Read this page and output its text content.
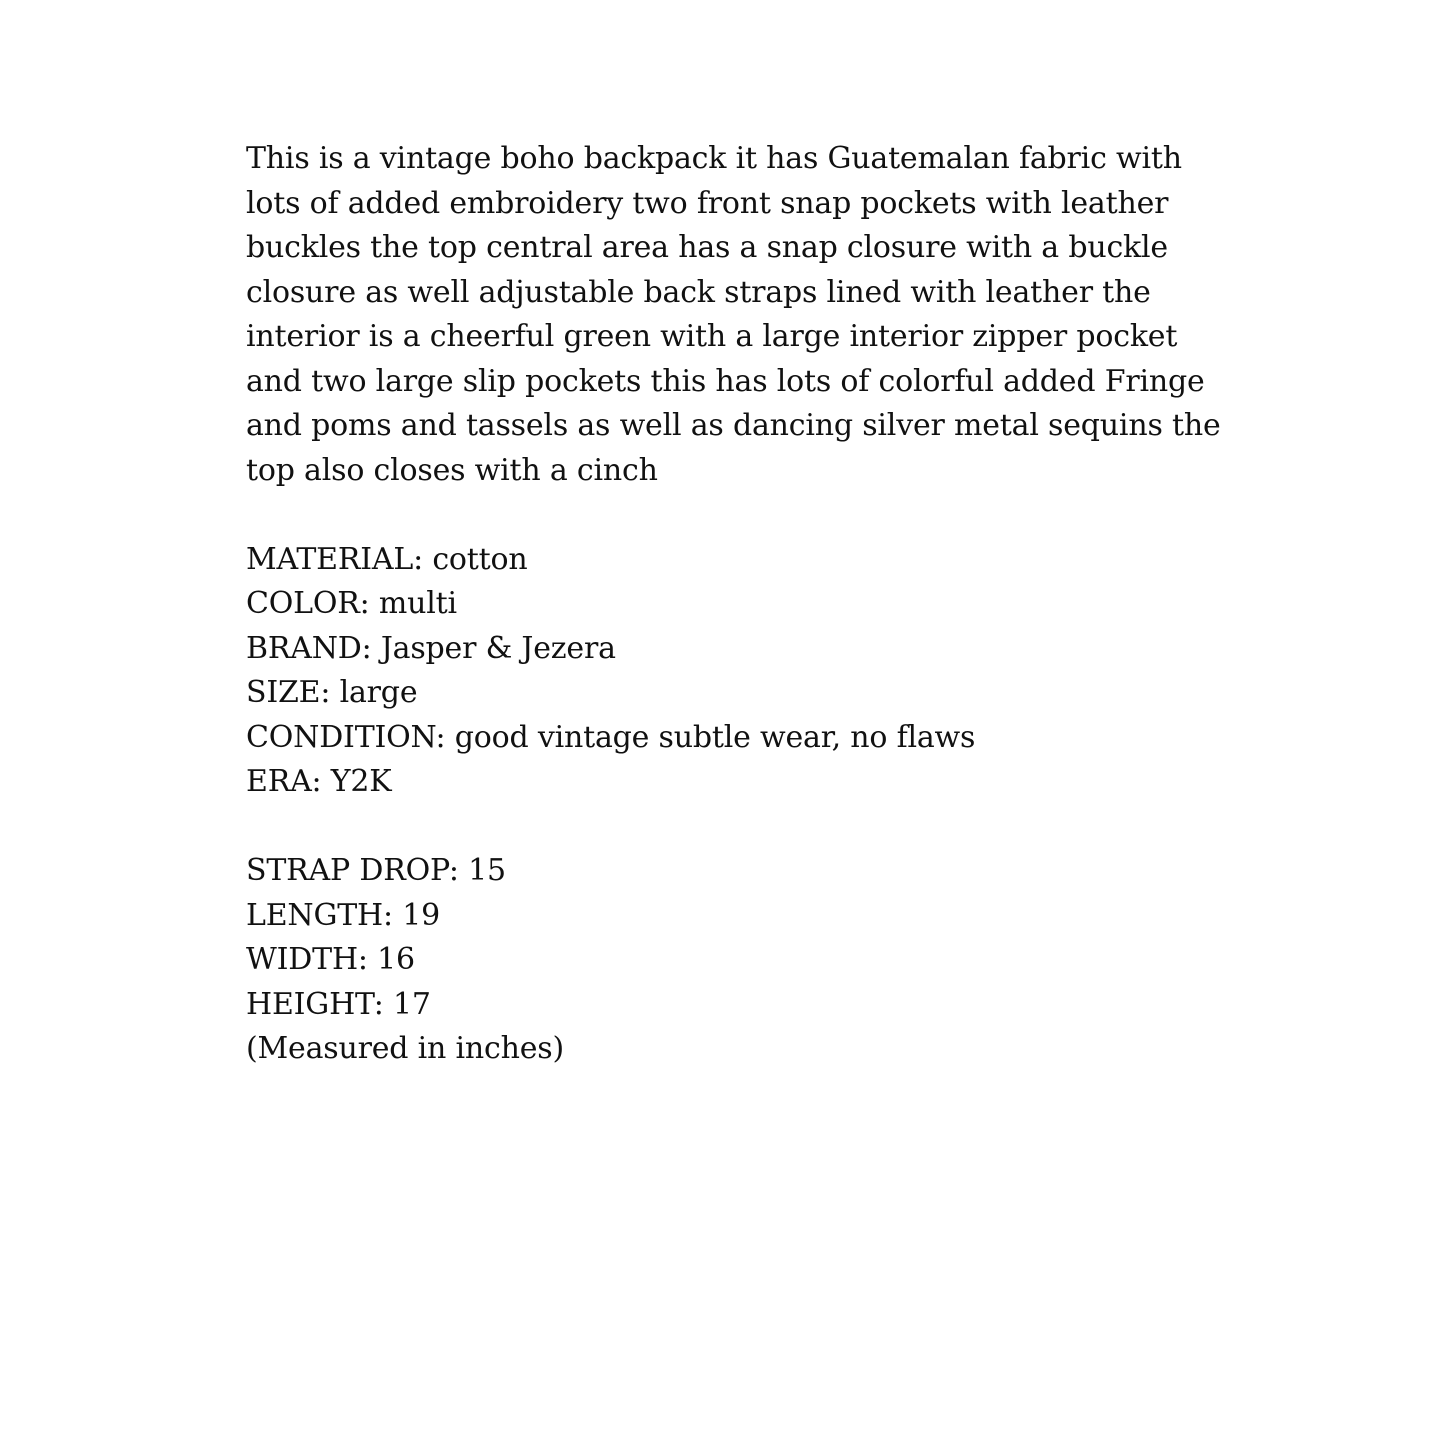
This is a vintage boho backpack it has Guatemalan fabric with
lots of added embroidery two front snap pockets with leather
buckles the top central area has a snap closure with a buckle
closure as well adjustable back straps lined with leather the
interior is a cheerful green with a large interior zipper pocket
and two large slip pockets this has lots of colorful added Fringe
and poms and tassels as well as dancing silver metal sequins the
top also closes with a cinch

MATERIAL: cotton
COLOR: multi
BRAND: Jasper & Jezera
SIZE: large
CONDITION: good vintage subtle wear, no flaws
ERA: Y2K

STRAP DROP: 15
LENGTH: 19
WIDTH: 16
HEIGHT: 17
(Measured in inches)
